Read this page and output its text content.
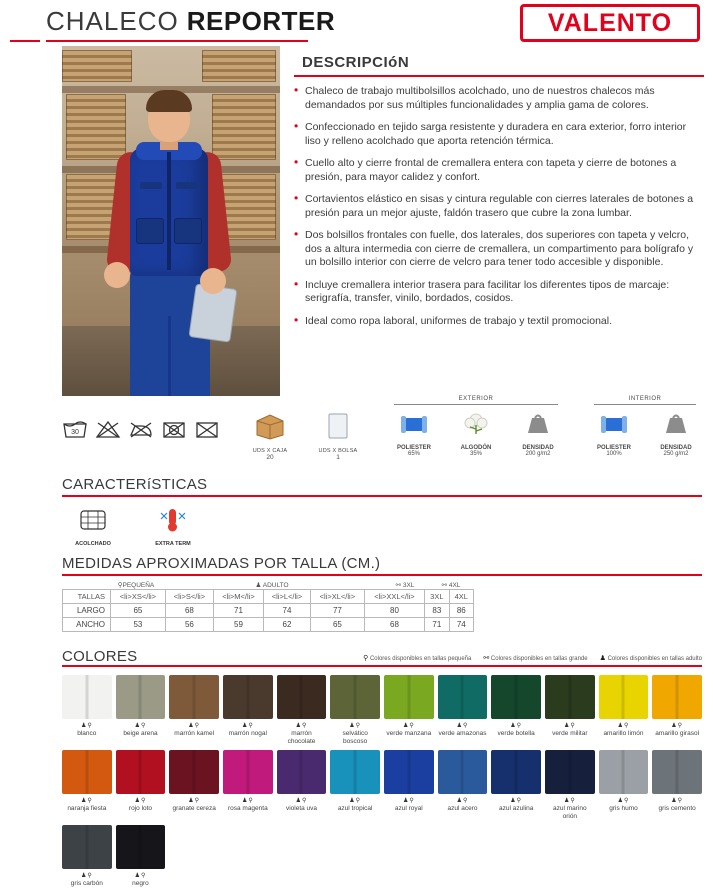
CHALECO REPORTER	VALENTO
DESCRIPCIóN
• Chaleco de trabajo multibolsillos acolchado, uno de nuestros chalecos más demandados por sus múltiples funcionalidades y amplia gama de colores.
• Confeccionado en tejido sarga resistente y duradera en cara exterior, forro interior liso y relleno acolchado que aporta retención térmica.
• Cuello alto y cierre frontal de cremallera entera con tapeta y cierre de botones a presión, para mayor calidez y confort.
• Cortavientos elástico en sisas y cintura regulable con cierres laterales de botones a presión para un mejor ajuste, faldón trasero que cubre la zona lumbar.
• Dos bolsillos frontales con fuelle, dos laterales, dos superiores con tapeta y velcro, dos a altura intermedia con cierre de cremallera, un compartimento para bolígrafo y un bolsillo interior con cierre de velcro para tener todo accesible y disponible.
• Incluye cremallera interior trasera para facilitar los diferentes tipos de marcaje: serigrafía, transfer, vinilo, bordados, cosidos.
• Ideal como ropa laboral, uniformes de trabajo y textil promocional.
30
UDS X CAJA
20
UDS X BOLSA
1
EXTERIOR
POLIESTER
65%
ALGODÓN
35%
DENSIDAD
200 g/m2
INTERIOR
POLIESTER
100%
DENSIDAD
250 g/m2
CARACTERíSTICAS
ACOLCHADO	EXTRA TERM
MEDIDAS APROXIMADAS POR TALLA (CM.)
⚲PEQUEÑA	♟ ADULTO	⚯ 3XL	⚯ 4XL
TALLAS	<li>XS</li>	<li>S</li>	<li>M</li>	<li>L</li>	<li>XL</li>	<li>XXL</li>	3XL	4XL
LARGO	65	68	71	74	77	80	83	86
ANCHO	53	56	59	62	65	68	71	74
COLORES	⚲ Colores disponibles en tallas pequeña ⚯ Colores disponibles en tallas grande ♟ Colores disponibles en tallas adulto
♟⚲
blanco
♟⚲
beige arena
♟⚲
marrón kamel
♟⚲
marrón nogal
♟⚲
marrón chocolate
♟⚲
selvático boscoso
♟⚲
verde manzana
♟⚲
verde amazonas
♟⚲
verde botella
♟⚲
verde militar
♟⚲
amarillo limón
♟⚲
amarillo girasol
♟⚲
naranja fiesta
♟⚲
rojo loto
♟⚲
granate cereza
♟⚲
rosa magenta
♟⚲
violeta uva
♟⚲
azul tropical
♟⚲
azul royal
♟⚲
azul acero
♟⚲
azul azulina
♟⚲
azul marino orión
♟⚲
gris humo
♟⚲
gris cemento
♟⚲
gris carbón
♟⚲
negro
